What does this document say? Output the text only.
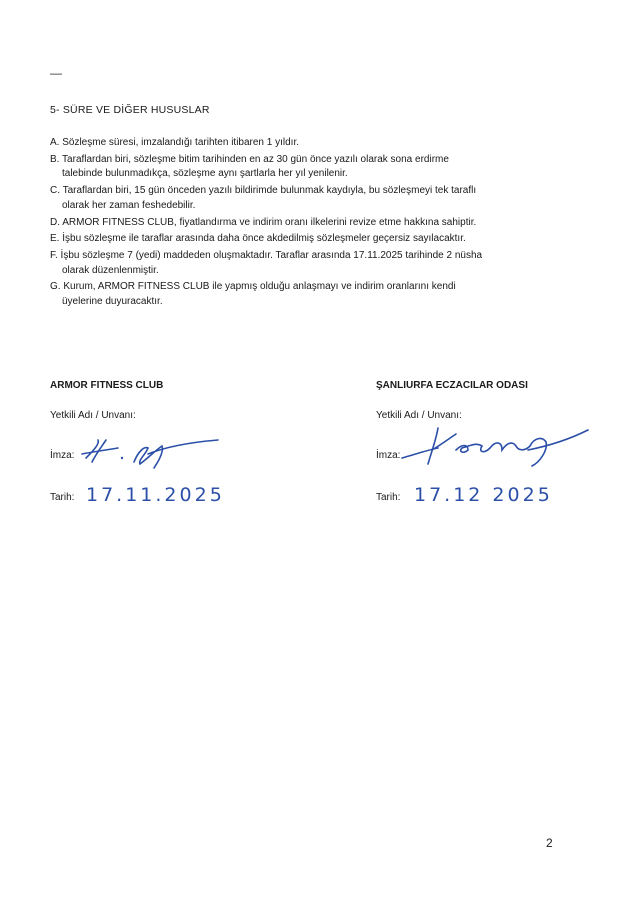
—
5- SÜRE VE DİĞER HUSUSLAR
A. Sözleşme süresi, imzalandığı tarihten itibaren 1 yıldır.
B. Taraflardan biri, sözleşme bitim tarihinden en az 30 gün önce yazılı olarak sona erdirme
talebinde bulunmadıkça, sözleşme aynı şartlarla her yıl yenilenir.
C. Taraflardan biri, 15 gün önceden yazılı bildirimde bulunmak kaydıyla, bu sözleşmeyi tek taraflı
olarak her zaman feshedebilir.
D. ARMOR FITNESS CLUB, fiyatlandırma ve indirim oranı ilkelerini revize etme hakkına sahiptir.
E. İşbu sözleşme ile taraflar arasında daha önce akdedilmiş sözleşmeler geçersiz sayılacaktır.
F. İşbu sözleşme 7 (yedi) maddeden oluşmaktadır. Taraflar arasında 17.11.2025 tarihinde 2 nüsha
olarak düzenlenmiştir.
G. Kurum, ARMOR FITNESS CLUB ile yapmış olduğu anlaşmayı ve indirim oranlarını kendi
üyelerine duyuracaktır.
ARMOR FITNESS CLUB
Yetkili Adı / Unvanı:
İmza:
Tarih: 17.11.2025
ŞANLIURFA ECZACILAR ODASI
Yetkili Adı / Unvanı:
İmza:
Tarih: 17.12 2025
2
